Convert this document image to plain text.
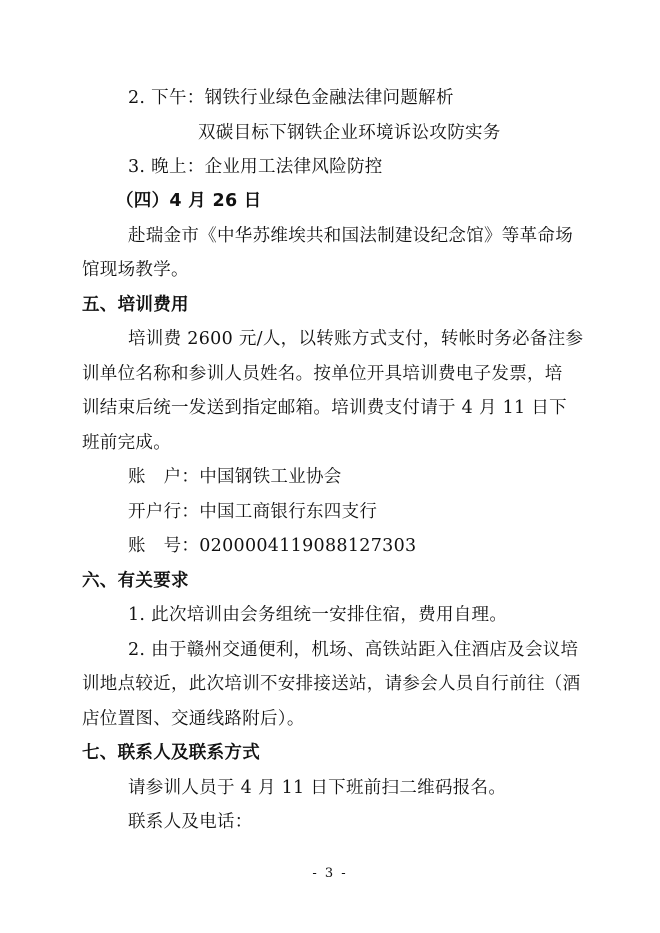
2. 下午：钢铁行业绿色金融法律问题解析
双碳目标下钢铁企业环境诉讼攻防实务
3. 晚上：企业用工法律风险防控
（四）4 月 26 日
赴瑞金市《中华苏维埃共和国法制建设纪念馆》等革命场
馆现场教学。
五、培训费用
培训费 2600 元/人，以转账方式支付，转帐时务必备注参
训单位名称和参训人员姓名。按单位开具培训费电子发票，培
训结束后统一发送到指定邮箱。培训费支付请于 4 月 11 日下
班前完成。
账　户：中国钢铁工业协会
开户行：中国工商银行东四支行
账　号：0200004119088127303
六、有关要求
1. 此次培训由会务组统一安排住宿，费用自理。
2. 由于赣州交通便利，机场、高铁站距入住酒店及会议培
训地点较近，此次培训不安排接送站，请参会人员自行前往（酒
店位置图、交通线路附后）。
七、联系人及联系方式
请参训人员于 4 月 11 日下班前扫二维码报名。
联系人及电话：
- 3 -
